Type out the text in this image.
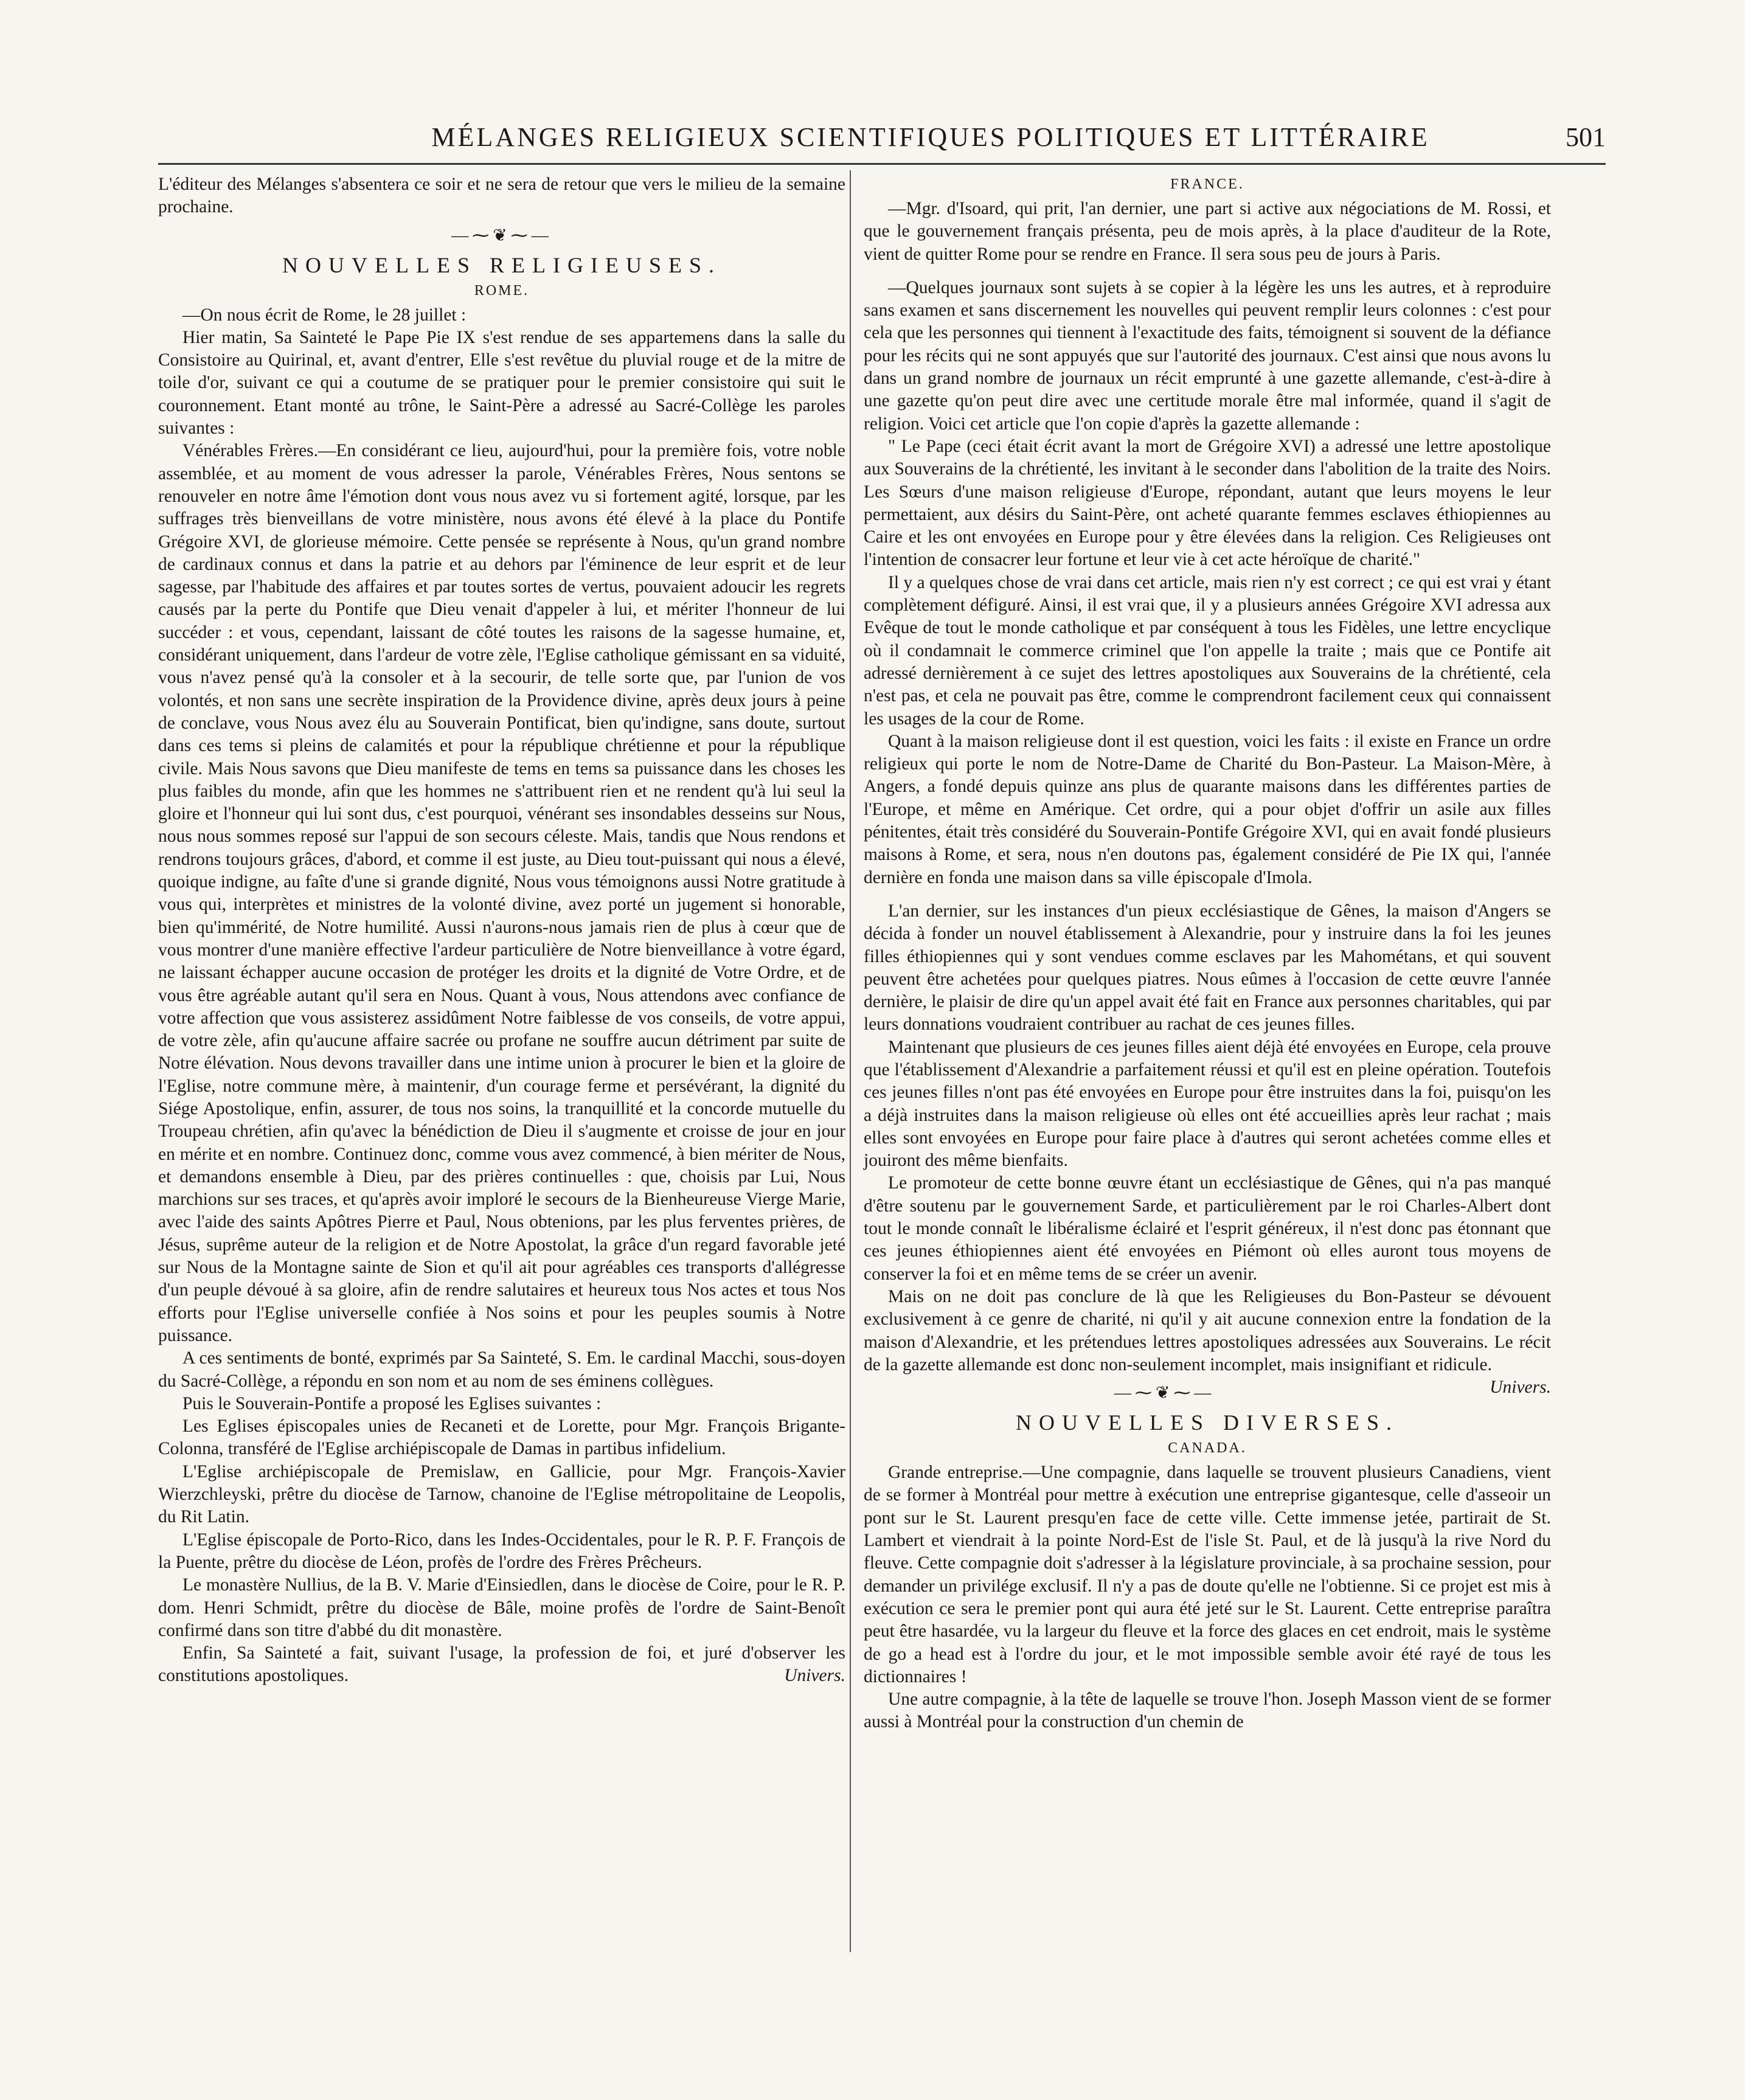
MÉLANGES RELIGIEUX SCIENTIFIQUES POLITIQUES ET LITTÉRAIRE	501

L'éditeur des Mélanges s'absentera ce soir et ne sera de retour que vers le milieu de la semaine prochaine.

—⁓❦⁓—
NOUVELLES RELIGIEUSES.
ROME.

—On nous écrit de Rome, le 28 juillet :

Hier matin, Sa Sainteté le Pape Pie IX s'est rendue de ses appartemens dans la salle du Consistoire au Quirinal, et, avant d'entrer, Elle s'est revêtue du pluvial rouge et de la mitre de toile d'or, suivant ce qui a coutume de se pratiquer pour le premier consistoire qui suit le couronnement. Etant monté au trône, le Saint-Père a adressé au Sacré-Collège les paroles suivantes :

Vénérables Frères.—En considérant ce lieu, aujourd'hui, pour la première fois, votre noble assemblée, et au moment de vous adresser la parole, Vénérables Frères, Nous sentons se renouveler en notre âme l'émotion dont vous nous avez vu si fortement agité, lorsque, par les suffrages très bienveillans de votre ministère, nous avons été élevé à la place du Pontife Grégoire XVI, de glorieuse mémoire. Cette pensée se représente à Nous, qu'un grand nombre de cardinaux connus et dans la patrie et au dehors par l'éminence de leur esprit et de leur sagesse, par l'habitude des affaires et par toutes sortes de vertus, pouvaient adoucir les regrets causés par la perte du Pontife que Dieu venait d'appeler à lui, et mériter l'honneur de lui succéder : et vous, cependant, laissant de côté toutes les raisons de la sagesse humaine, et, considérant uniquement, dans l'ardeur de votre zèle, l'Eglise catholique gémissant en sa viduité, vous n'avez pensé qu'à la consoler et à la secourir, de telle sorte que, par l'union de vos volontés, et non sans une secrète inspiration de la Providence divine, après deux jours à peine de conclave, vous Nous avez élu au Souverain Pontificat, bien qu'indigne, sans doute, surtout dans ces tems si pleins de calamités et pour la république chrétienne et pour la république civile. Mais Nous savons que Dieu manifeste de tems en tems sa puissance dans les choses les plus faibles du monde, afin que les hommes ne s'attribuent rien et ne rendent qu'à lui seul la gloire et l'honneur qui lui sont dus, c'est pourquoi, vénérant ses insondables desseins sur Nous, nous nous sommes reposé sur l'appui de son secours céleste. Mais, tandis que Nous rendons et rendrons toujours grâces, d'abord, et comme il est juste, au Dieu tout-puissant qui nous a élevé, quoique indigne, au faîte d'une si grande dignité, Nous vous témoignons aussi Notre gratitude à vous qui, interprètes et ministres de la volonté divine, avez porté un jugement si honorable, bien qu'immérité, de Notre humilité. Aussi n'aurons-nous jamais rien de plus à cœur que de vous montrer d'une manière effective l'ardeur particulière de Notre bienveillance à votre égard, ne laissant échapper aucune occasion de protéger les droits et la dignité de Votre Ordre, et de vous être agréable autant qu'il sera en Nous. Quant à vous, Nous attendons avec confiance de votre affection que vous assisterez assidûment Notre faiblesse de vos conseils, de votre appui, de votre zèle, afin qu'aucune affaire sacrée ou profane ne souffre aucun détriment par suite de Notre élévation. Nous devons travailler dans une intime union à procurer le bien et la gloire de l'Eglise, notre commune mère, à maintenir, d'un courage ferme et persévérant, la dignité du Siége Apostolique, enfin, assurer, de tous nos soins, la tranquillité et la concorde mutuelle du Troupeau chrétien, afin qu'avec la bénédiction de Dieu il s'augmente et croisse de jour en jour en mérite et en nombre. Continuez donc, comme vous avez commencé, à bien mériter de Nous, et demandons ensemble à Dieu, par des prières continuelles : que, choisis par Lui, Nous marchions sur ses traces, et qu'après avoir imploré le secours de la Bienheureuse Vierge Marie, avec l'aide des saints Apôtres Pierre et Paul, Nous obtenions, par les plus ferventes prières, de Jésus, suprême auteur de la religion et de Notre Apostolat, la grâce d'un regard favorable jeté sur Nous de la Montagne sainte de Sion et qu'il ait pour agréables ces transports d'allégresse d'un peuple dévoué à sa gloire, afin de rendre salutaires et heureux tous Nos actes et tous Nos efforts pour l'Eglise universelle confiée à Nos soins et pour les peuples soumis à Notre puissance.

A ces sentiments de bonté, exprimés par Sa Sainteté, S. Em. le cardinal Macchi, sous-doyen du Sacré-Collège, a répondu en son nom et au nom de ses éminens collègues.

Puis le Souverain-Pontife a proposé les Eglises suivantes :

Les Eglises épiscopales unies de Recaneti et de Lorette, pour Mgr. François Brigante-Colonna, transféré de l'Eglise archiépiscopale de Damas in partibus infidelium.

L'Eglise archiépiscopale de Premislaw, en Gallicie, pour Mgr. François-Xavier Wierzchleyski, prêtre du diocèse de Tarnow, chanoine de l'Eglise métropolitaine de Leopolis, du Rit Latin.

L'Eglise épiscopale de Porto-Rico, dans les Indes-Occidentales, pour le R. P. F. François de la Puente, prêtre du diocèse de Léon, profès de l'ordre des Frères Prêcheurs.

Le monastère Nullius, de la B. V. Marie d'Einsiedlen, dans le diocèse de Coire, pour le R. P. dom. Henri Schmidt, prêtre du diocèse de Bâle, moine profès de l'ordre de Saint-Benoît confirmé dans son titre d'abbé du dit monastère.

Enfin, Sa Sainteté a fait, suivant l'usage, la profession de foi, et juré d'observer les constitutions apostoliques.	Univers.

FRANCE.

—Mgr. d'Isoard, qui prit, l'an dernier, une part si active aux négociations de M. Rossi, et que le gouvernement français présenta, peu de mois après, à la place d'auditeur de la Rote, vient de quitter Rome pour se rendre en France. Il sera sous peu de jours à Paris.

—Quelques journaux sont sujets à se copier à la légère les uns les autres, et à reproduire sans examen et sans discernement les nouvelles qui peuvent remplir leurs colonnes : c'est pour cela que les personnes qui tiennent à l'exactitude des faits, témoignent si souvent de la défiance pour les récits qui ne sont appuyés que sur l'autorité des journaux. C'est ainsi que nous avons lu dans un grand nombre de journaux un récit emprunté à une gazette allemande, c'est-à-dire à une gazette qu'on peut dire avec une certitude morale être mal informée, quand il s'agit de religion. Voici cet article que l'on copie d'après la gazette allemande :

" Le Pape (ceci était écrit avant la mort de Grégoire XVI) a adressé une lettre apostolique aux Souverains de la chrétienté, les invitant à le seconder dans l'abolition de la traite des Noirs. Les Sœurs d'une maison religieuse d'Europe, répondant, autant que leurs moyens le leur permettaient, aux désirs du Saint-Père, ont acheté quarante femmes esclaves éthiopiennes au Caire et les ont envoyées en Europe pour y être élevées dans la religion. Ces Religieuses ont l'intention de consacrer leur fortune et leur vie à cet acte héroïque de charité."

Il y a quelques chose de vrai dans cet article, mais rien n'y est correct ; ce qui est vrai y étant complètement défiguré. Ainsi, il est vrai que, il y a plusieurs années Grégoire XVI adressa aux Evêque de tout le monde catholique et par conséquent à tous les Fidèles, une lettre encyclique où il condamnait le commerce criminel que l'on appelle la traite ; mais que ce Pontife ait adressé dernièrement à ce sujet des lettres apostoliques aux Souverains de la chrétienté, cela n'est pas, et cela ne pouvait pas être, comme le comprendront facilement ceux qui connaissent les usages de la cour de Rome.

Quant à la maison religieuse dont il est question, voici les faits : il existe en France un ordre religieux qui porte le nom de Notre-Dame de Charité du Bon-Pasteur. La Maison-Mère, à Angers, a fondé depuis quinze ans plus de quarante maisons dans les différentes parties de l'Europe, et même en Amérique. Cet ordre, qui a pour objet d'offrir un asile aux filles pénitentes, était très considéré du Souverain-Pontife Grégoire XVI, qui en avait fondé plusieurs maisons à Rome, et sera, nous n'en doutons pas, également considéré de Pie IX qui, l'année dernière en fonda une maison dans sa ville épiscopale d'Imola.

L'an dernier, sur les instances d'un pieux ecclésiastique de Gênes, la maison d'Angers se décida à fonder un nouvel établissement à Alexandrie, pour y instruire dans la foi les jeunes filles éthiopiennes qui y sont vendues comme esclaves par les Mahométans, et qui souvent peuvent être achetées pour quelques piatres. Nous eûmes à l'occasion de cette œuvre l'année dernière, le plaisir de dire qu'un appel avait été fait en France aux personnes charitables, qui par leurs donnations voudraient contribuer au rachat de ces jeunes filles.

Maintenant que plusieurs de ces jeunes filles aient déjà été envoyées en Europe, cela prouve que l'établissement d'Alexandrie a parfaitement réussi et qu'il est en pleine opération. Toutefois ces jeunes filles n'ont pas été envoyées en Europe pour être instruites dans la foi, puisqu'on les a déjà instruites dans la maison religieuse où elles ont été accueillies après leur rachat ; mais elles sont envoyées en Europe pour faire place à d'autres qui seront achetées comme elles et jouiront des même bienfaits.

Le promoteur de cette bonne œuvre étant un ecclésiastique de Gênes, qui n'a pas manqué d'être soutenu par le gouvernement Sarde, et particulièrement par le roi Charles-Albert dont tout le monde connaît le libéralisme éclairé et l'esprit généreux, il n'est donc pas étonnant que ces jeunes éthiopiennes aient été envoyées en Piémont où elles auront tous moyens de conserver la foi et en même tems de se créer un avenir.

Mais on ne doit pas conclure de là que les Religieuses du Bon-Pasteur se dévouent exclusivement à ce genre de charité, ni qu'il y ait aucune connexion entre la fondation de la maison d'Alexandrie, et les prétendues lettres apostoliques adressées aux Souverains. Le récit de la gazette allemande est donc non-seulement incomplet, mais insignifiant et ridicule.
Univers.

—⁓❦⁓—
NOUVELLES DIVERSES.
CANADA.

Grande entreprise.—Une compagnie, dans laquelle se trouvent plusieurs Canadiens, vient de se former à Montréal pour mettre à exécution une entreprise gigantesque, celle d'asseoir un pont sur le St. Laurent presqu'en face de cette ville. Cette immense jetée, partirait de St. Lambert et viendrait à la pointe Nord-Est de l'isle St. Paul, et de là jusqu'à la rive Nord du fleuve. Cette compagnie doit s'adresser à la législature provinciale, à sa prochaine session, pour demander un privilége exclusif. Il n'y a pas de doute qu'elle ne l'obtienne. Si ce projet est mis à exécution ce sera le premier pont qui aura été jeté sur le St. Laurent. Cette entreprise paraîtra peut être hasardée, vu la largeur du fleuve et la force des glaces en cet endroit, mais le système de go a head est à l'ordre du jour, et le mot impossible semble avoir été rayé de tous les dictionnaires !

Une autre compagnie, à la tête de laquelle se trouve l'hon. Joseph Masson vient de se former aussi à Montréal pour la construction d'un chemin de
